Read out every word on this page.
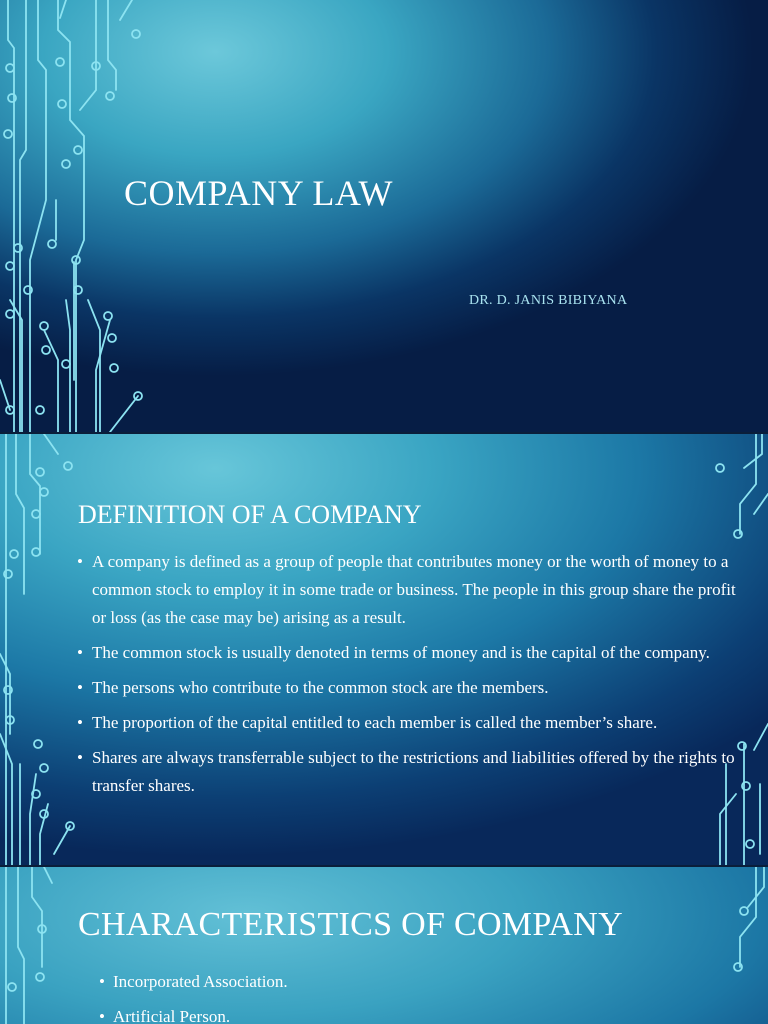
COMPANY LAW

DR. D. JANIS BIBIYANA

DEFINITION OF A COMPANY
• A company is defined as a group of people that contributes money or the worth of money to a common stock to employ it in some trade or business. The people in this group share the profit or loss (as the case may be) arising as a result.
• The common stock is usually denoted in terms of money and is the capital of the company.
• The persons who contribute to the common stock are the members.
• The proportion of the capital entitled to each member is called the member’s share.
• Shares are always transferrable subject to the restrictions and liabilities offered by the rights to transfer shares.
CHARACTERISTICS OF COMPANY
• Incorporated Association.
• Artificial Person.
